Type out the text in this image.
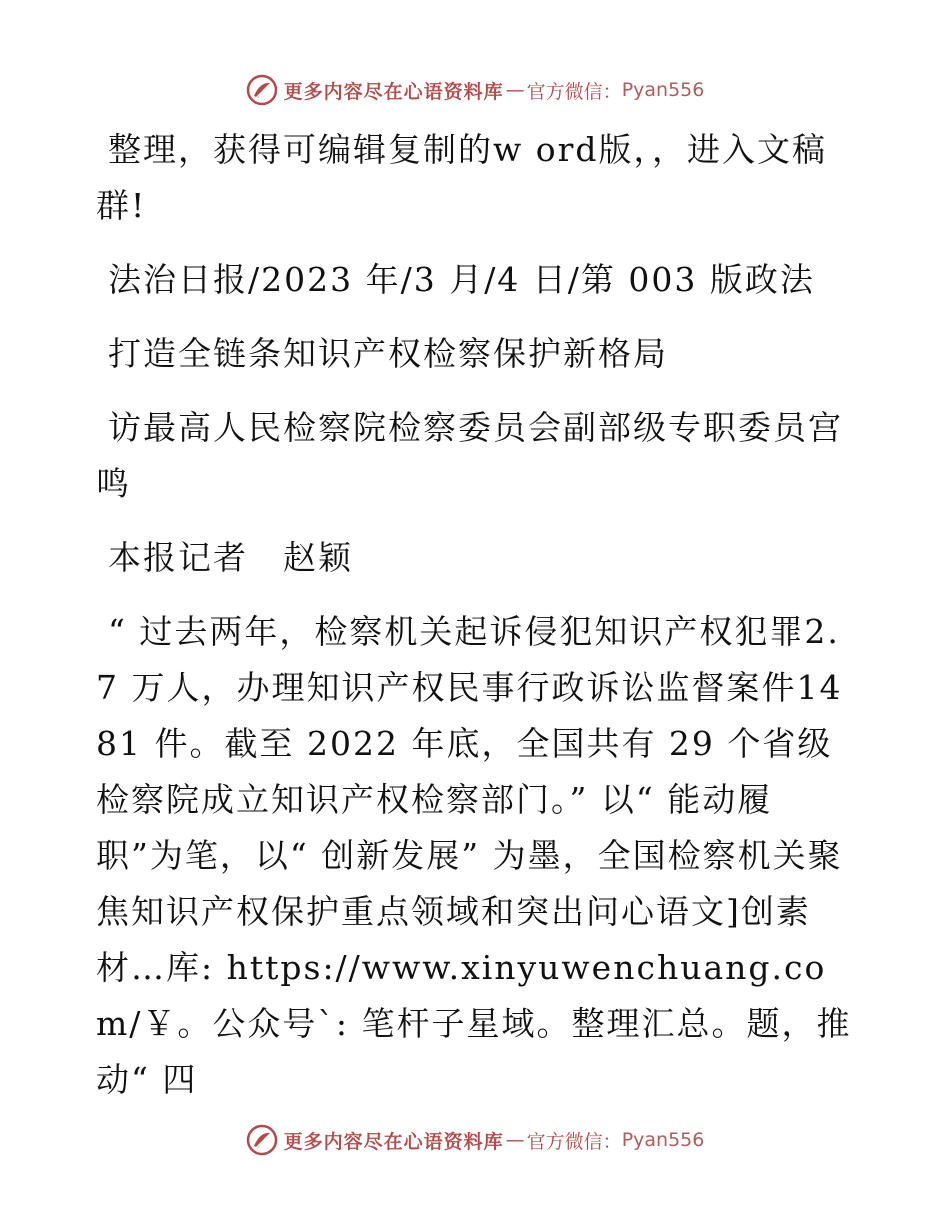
更多内容尽在心语资料库 — 官方微信： Pyan556

整理，获得可编辑复制的w ord版，，进入文稿群!

法治日报/2023 年/3 月/4 日/第 003 版政法

打造全链条知识产权检察保护新格局

访最高人民检察院检察委员会副部级专职委员宫鸣

本报记者　赵颖

“ 过去两年，检察机关起诉侵犯知识产权犯罪2.7 万人，办理知识产权民事行政诉讼监督案件1481 件。截至 2022 年底，全国共有 29 个省级检察院成立知识产权检察部门。” 以“ 能动履职”为笔，以“ 创新发展” 为墨，全国检察机关聚焦知识产权保护重点领域和突出问心语文]创素材…库: https://www.xinyuwenchuang.com/￥。公众号`: 笔杆子星域。整理汇总。题，推动“ 四

更多内容尽在心语资料库 — 官方微信： Pyan556
